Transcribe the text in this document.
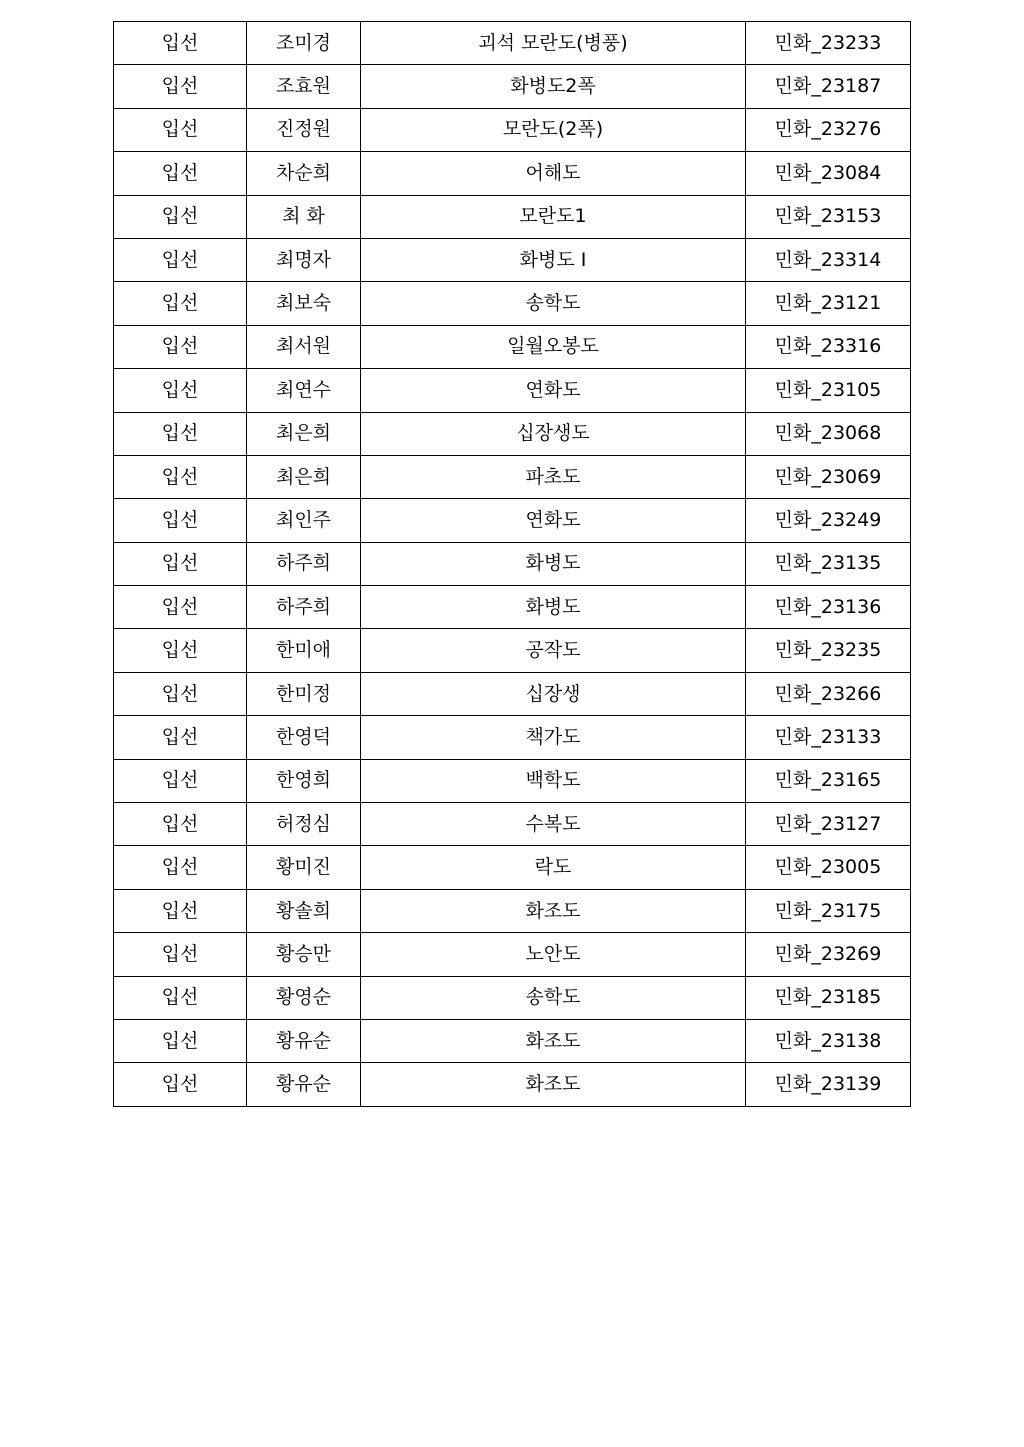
입선	조미경	괴석 모란도(병풍)	민화_23233
입선	조효원	화병도2폭	민화_23187
입선	진정원	모란도(2폭)	민화_23276
입선	차순희	어해도	민화_23084
입선	최 화	모란도1	민화_23153
입선	최명자	화병도 Ⅰ	민화_23314
입선	최보숙	송학도	민화_23121
입선	최서원	일월오봉도	민화_23316
입선	최연수	연화도	민화_23105
입선	최은희	십장생도	민화_23068
입선	최은희	파초도	민화_23069
입선	최인주	연화도	민화_23249
입선	하주희	화병도	민화_23135
입선	하주희	화병도	민화_23136
입선	한미애	공작도	민화_23235
입선	한미정	십장생	민화_23266
입선	한영덕	책가도	민화_23133
입선	한영희	백학도	민화_23165
입선	허정심	수복도	민화_23127
입선	황미진	락도	민화_23005
입선	황솔희	화조도	민화_23175
입선	황승만	노안도	민화_23269
입선	황영순	송학도	민화_23185
입선	황유순	화조도	민화_23138
입선	황유순	화조도	민화_23139
